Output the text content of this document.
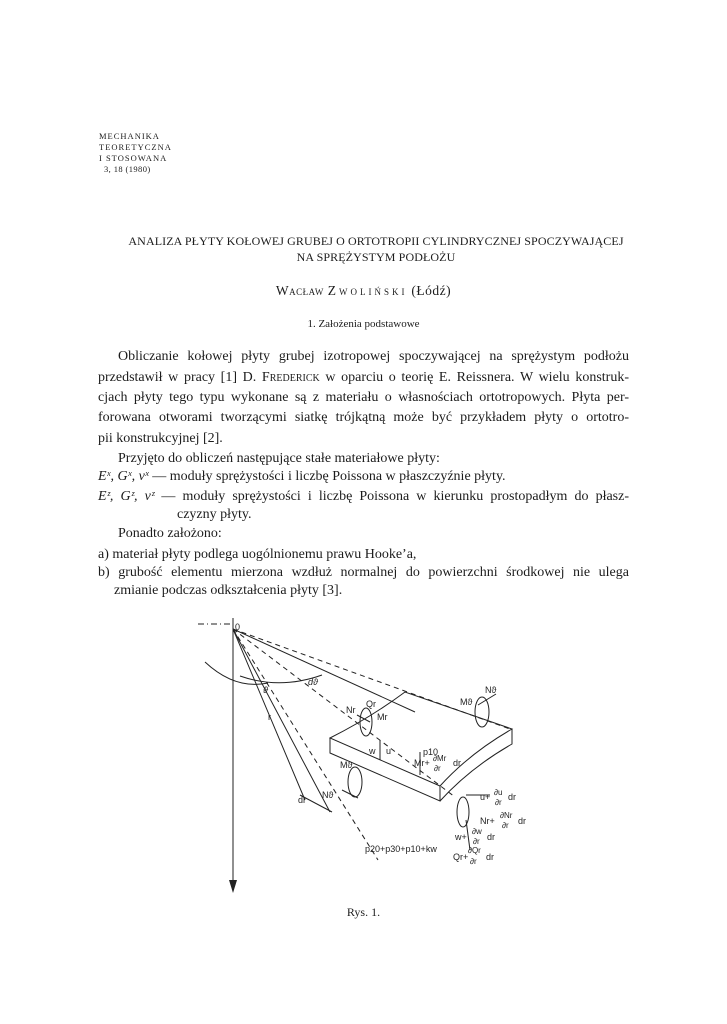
MECHANIKA
TEORETYCZNA
I STOSOWANA
3, 18 (1980)
ANALIZA PŁYTY KOŁOWEJ GRUBEJ O ORTOTROPII CYLINDRYCZNEJ SPOCZYWAJĄCEJ
NA SPRĘŻYSTYM PODŁOŻU
Wacław Zwoliński (Łódź)
1. Założenia podstawowe
Obliczanie kołowej płyty grubej izotropowej spoczywającej na sprężystym podłożu
przedstawił w pracy [1] D. Frederick w oparciu o teorię E. Reissnera. W wielu konstruk-
cjach płyty tego typu wykonane są z materiału o własnościach ortotropowych. Płyta per-
forowana otworami tworzącymi siatkę trójkątną może być przykładem płyty o ortotro-
pii konstrukcyjnej [2].
Przyjęto do obliczeń następujące stałe materiałowe płyty:
Eˣ, Gˣ, νˣ — moduły sprężystości i liczbę Poissona w płaszczyźnie płyty.
Eᶻ, Gᶻ, νᶻ — moduły sprężystości i liczbę Poissona w kierunku prostopadłym do płasz-
czyzny płyty.
Ponadto założono:
a) materiał płyty podlega uogólnionemu prawu Hooke’a,
b) grubość elementu mierzona wzdłuż normalnej do powierzchni środkowej nie ulega
zmianie podczas odkształcenia płyty [3].
0
ϑ
dϑ
r
dr
Nr
Qr
Mr
w u	p10
Mϑ
Nϑ
Mϑ
Nϑ
Mr+ ∂Mr
∂r
dr
u+ ∂u
∂r
dr
Nr+
∂Nr
∂r dr
w+
∂w
∂r dr
Qr+
∂Qr
∂r dr
p20+p30+p10+kw
Rys. 1.
